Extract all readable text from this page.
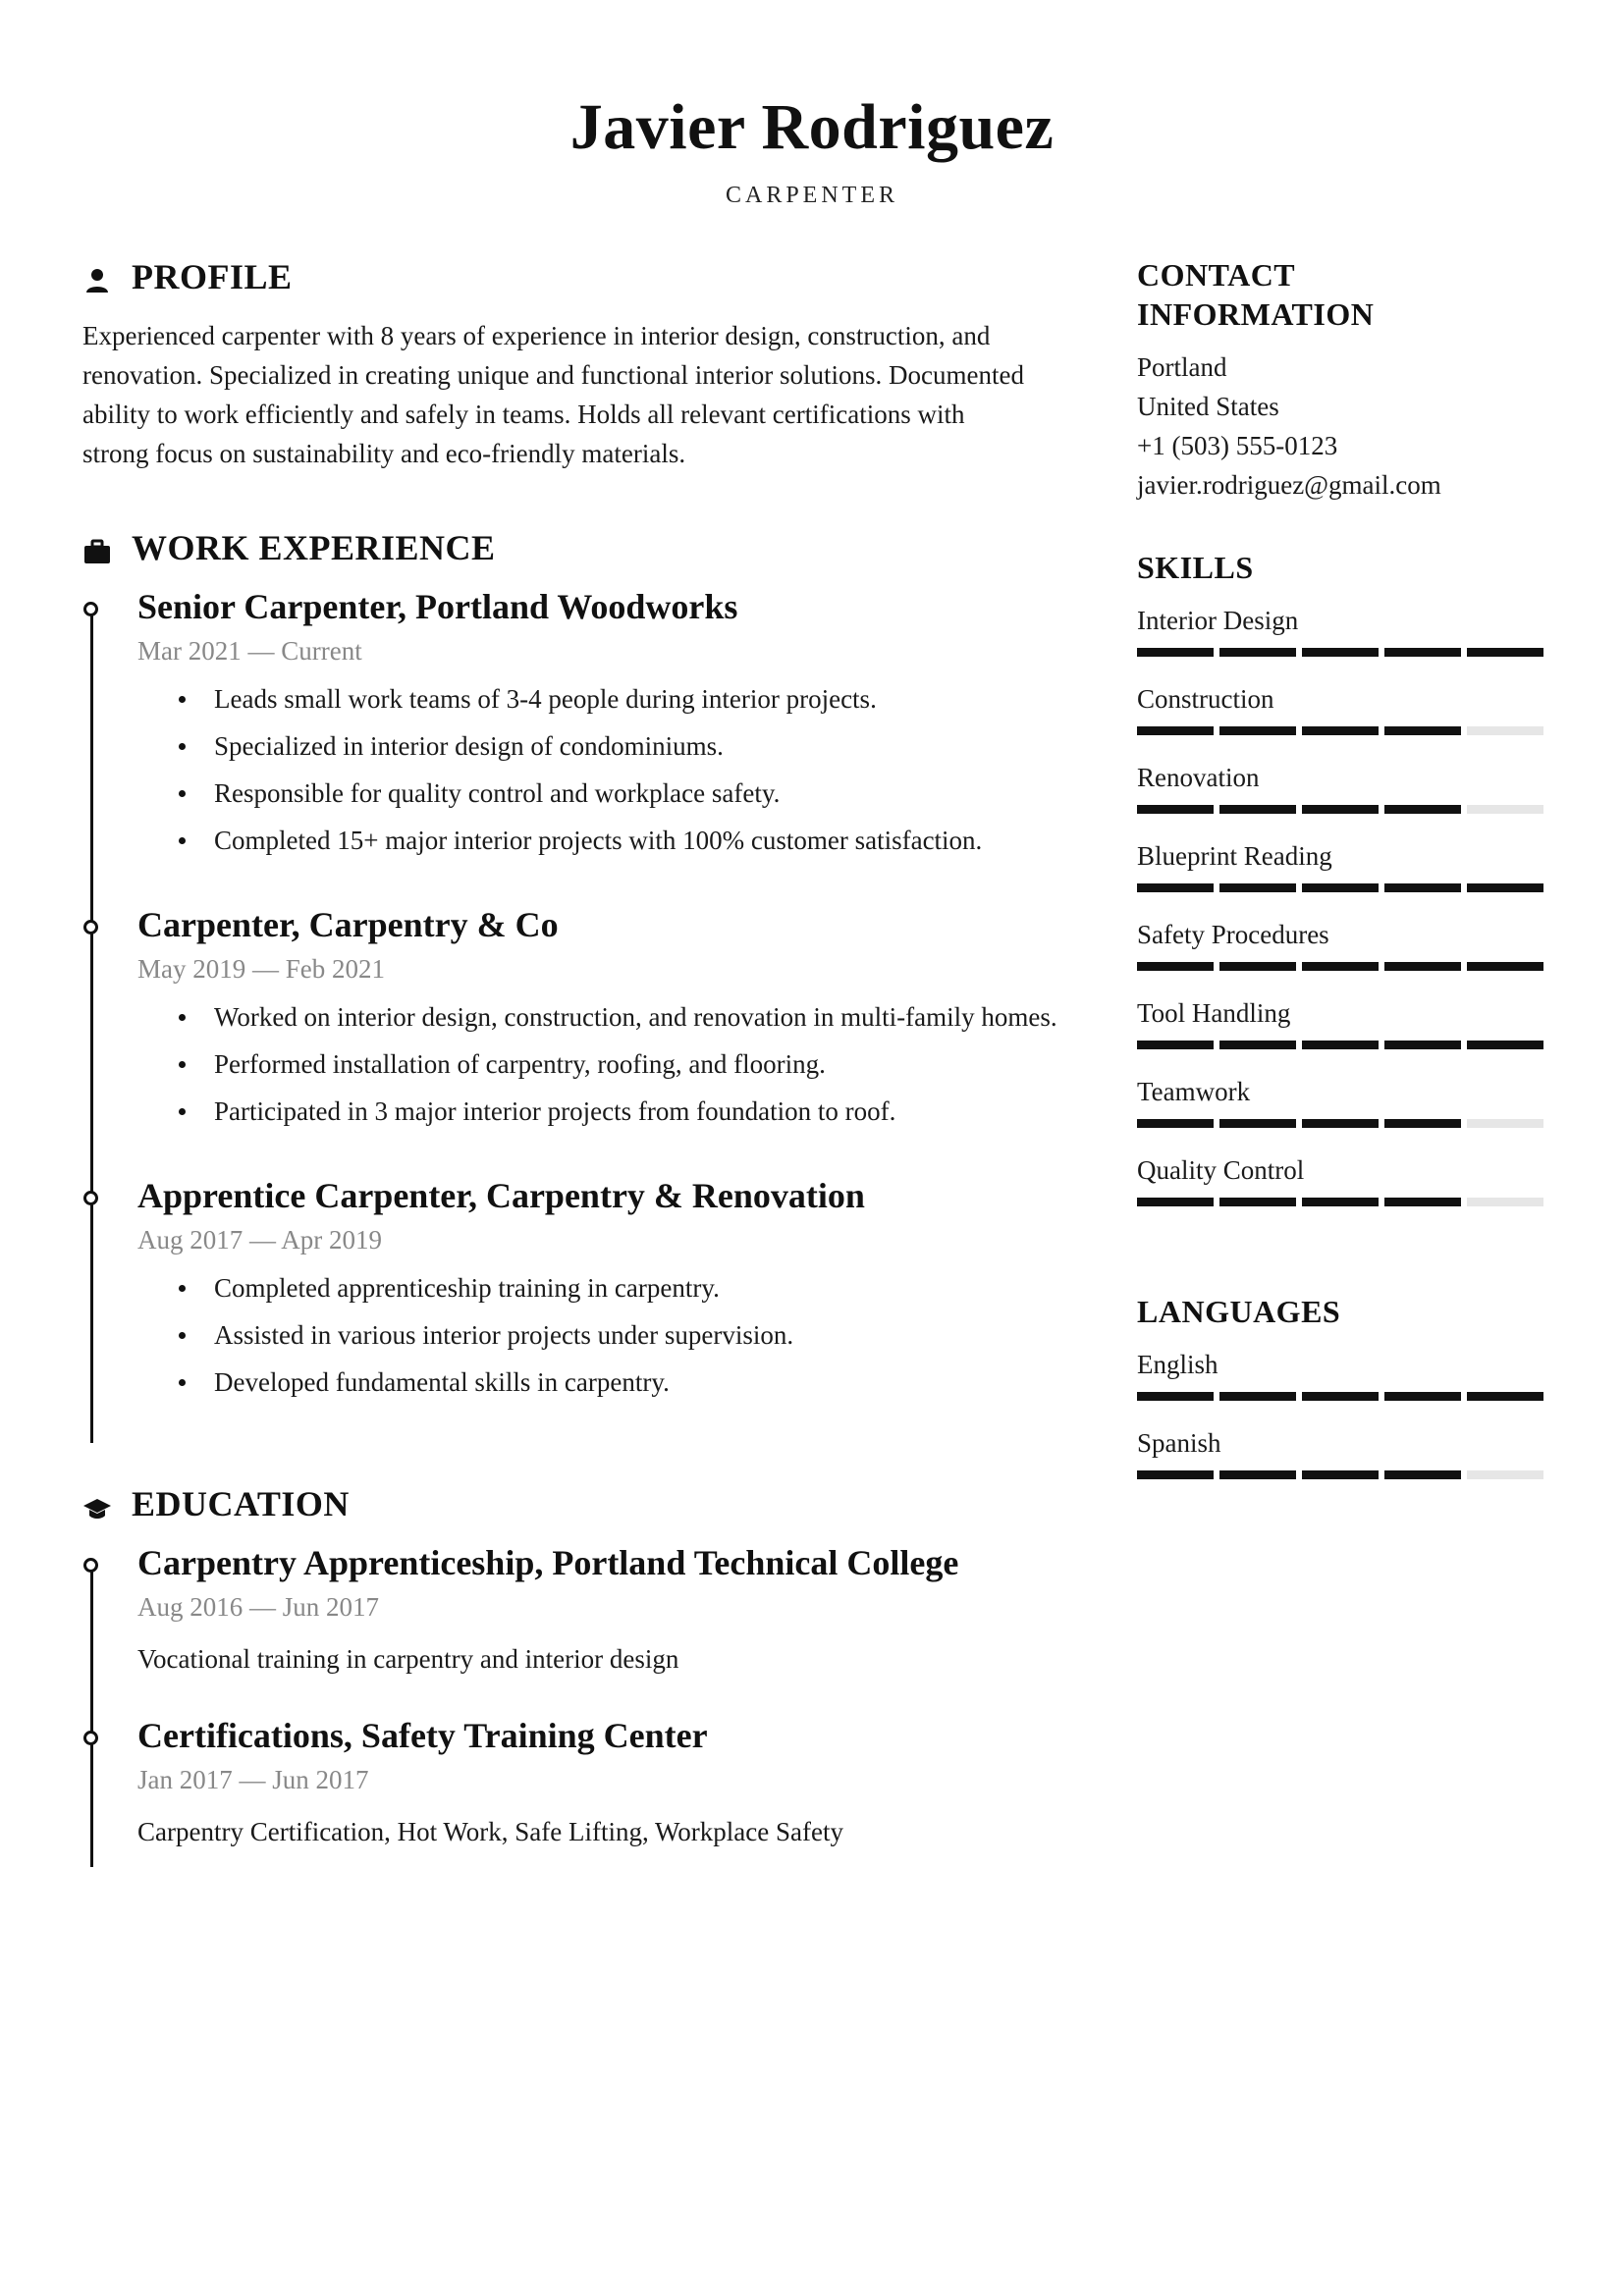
Javier Rodriguez
CARPENTER
PROFILE
Experienced carpenter with 8 years of experience in interior design, construction, and renovation. Specialized in creating unique and functional interior solutions. Documented ability to work efficiently and safely in teams. Holds all relevant certifications with strong focus on sustainability and eco-friendly materials.
WORK EXPERIENCE
Senior Carpenter, Portland Woodworks
Mar 2021 — Current
Leads small work teams of 3-4 people during interior projects.
Specialized in interior design of condominiums.
Responsible for quality control and workplace safety.
Completed 15+ major interior projects with 100% customer satisfaction.
Carpenter, Carpentry & Co
May 2019 — Feb 2021
Worked on interior design, construction, and renovation in multi-family homes.
Performed installation of carpentry, roofing, and flooring.
Participated in 3 major interior projects from foundation to roof.
Apprentice Carpenter, Carpentry & Renovation
Aug 2017 — Apr 2019
Completed apprenticeship training in carpentry.
Assisted in various interior projects under supervision.
Developed fundamental skills in carpentry.
EDUCATION
Carpentry Apprenticeship, Portland Technical College
Aug 2016 — Jun 2017
Vocational training in carpentry and interior design
Certifications, Safety Training Center
Jan 2017 — Jun 2017
Carpentry Certification, Hot Work, Safe Lifting, Workplace Safety
CONTACT
INFORMATION
Portland
United States
+1 (503) 555-0123
javier.rodriguez@gmail.com
SKILLS
Interior Design
Construction
Renovation
Blueprint Reading
Safety Procedures
Tool Handling
Teamwork
Quality Control
LANGUAGES
English
Spanish
